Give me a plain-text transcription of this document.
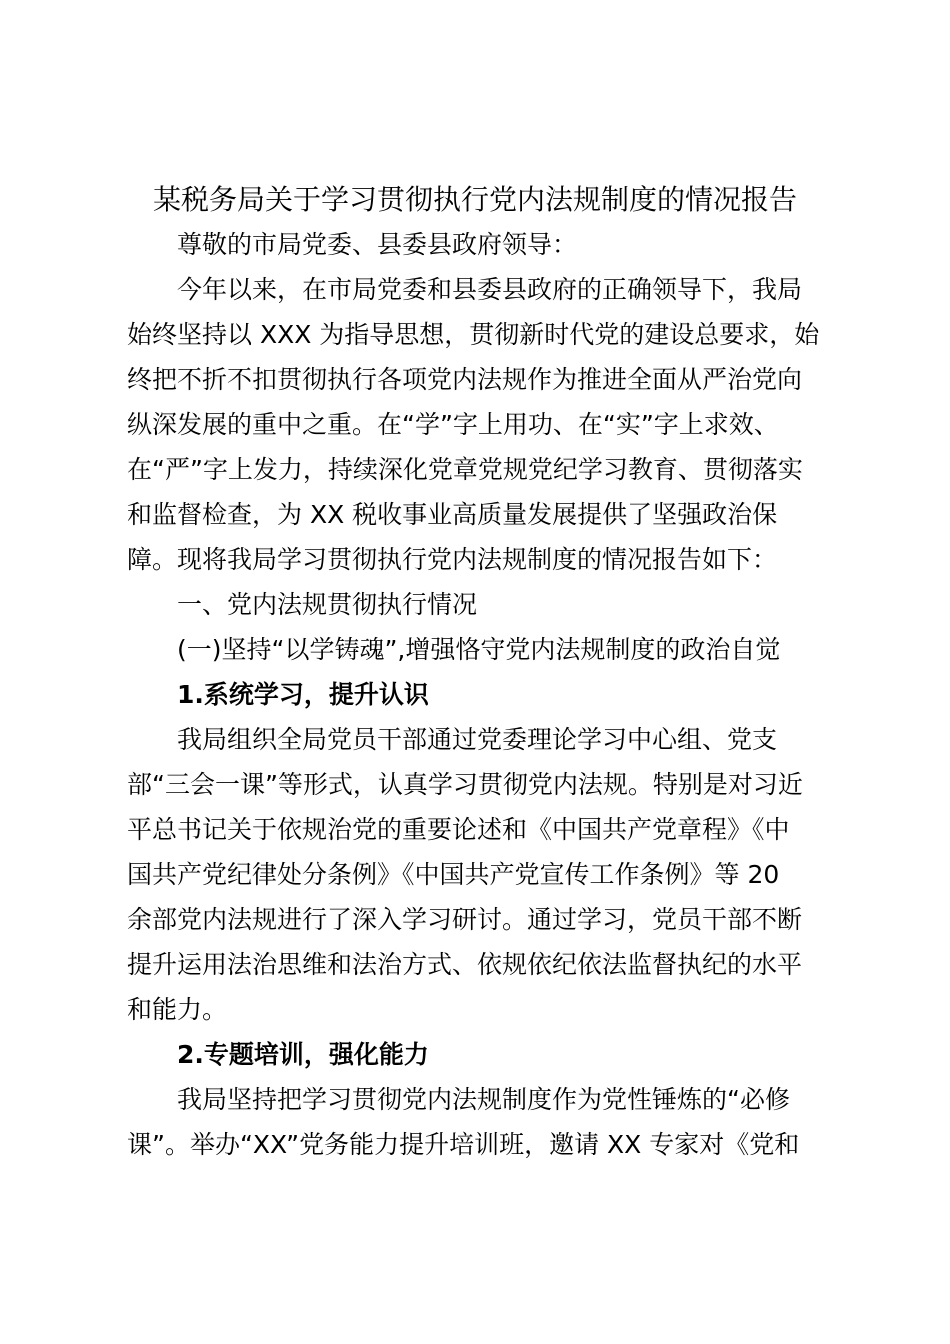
某税务局关于学习贯彻执行党内法规制度的情况报告
尊敬的市局党委、县委县政府领导：
今年以来，在市局党委和县委县政府的正确领导下，我局
始终坚持以 XXX 为指导思想，贯彻新时代党的建设总要求，始
终把不折不扣贯彻执行各项党内法规作为推进全面从严治党向
纵深发展的重中之重。在“学”字上用功、在“实”字上求效、
在“严”字上发力，持续深化党章党规党纪学习教育、贯彻落实
和监督检查，为 XX 税收事业高质量发展提供了坚强政治保
障。现将我局学习贯彻执行党内法规制度的情况报告如下：
一、党内法规贯彻执行情况
(一)坚持“以学铸魂”,增强恪守党内法规制度的政治自觉
1.系统学习，提升认识
我局组织全局党员干部通过党委理论学习中心组、党支
部“三会一课”等形式，认真学习贯彻党内法规。特别是对习近
平总书记关于依规治党的重要论述和《中国共产党章程》《中
国共产党纪律处分条例》《中国共产党宣传工作条例》等 20
余部党内法规进行了深入学习研讨。通过学习，党员干部不断
提升运用法治思维和法治方式、依规依纪依法监督执纪的水平
和能力。
2.专题培训，强化能力
我局坚持把学习贯彻党内法规制度作为党性锤炼的“必修
课”。举办“XX”党务能力提升培训班，邀请 XX 专家对《党和
